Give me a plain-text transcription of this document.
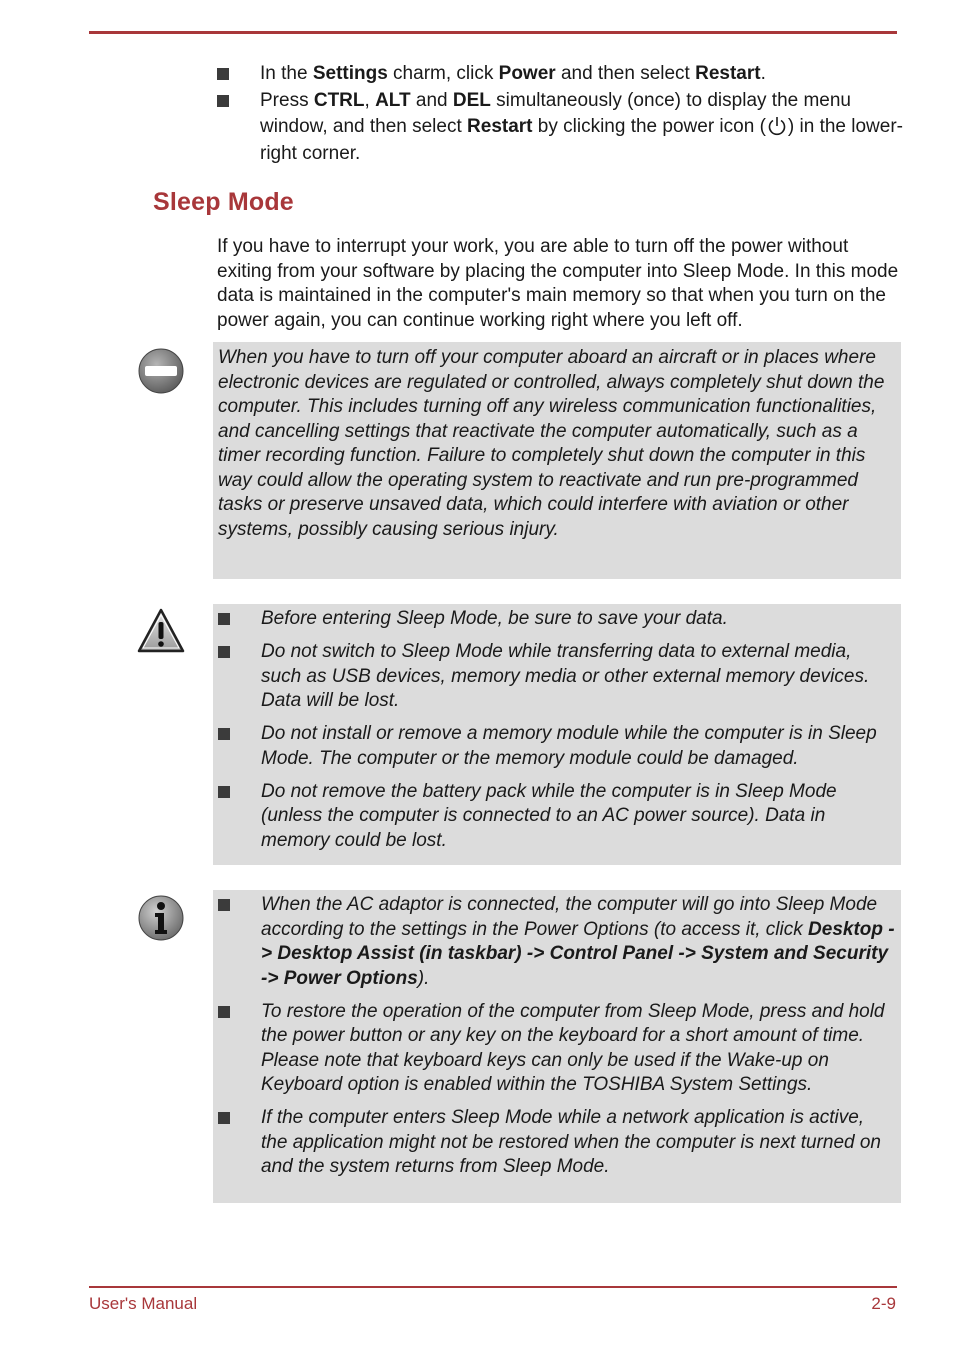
In the Settings charm, click Power and then select Restart.
Press CTRL, ALT and DEL simultaneously (once) to display the menu window, and then select Restart by clicking the power icon ( ) in the lower-right corner.
Sleep Mode

If you have to interrupt your work, you are able to turn off the power without exiting from your software by placing the computer into Sleep Mode. In this mode data is maintained in the computer's main memory so that when you turn on the power again, you can continue working right where you left off.

When you have to turn off your computer aboard an aircraft or in places where electronic devices are regulated or controlled, always completely shut down the computer. This includes turning off any wireless communication functionalities, and cancelling settings that reactivate the computer automatically, such as a timer recording function. Failure to completely shut down the computer in this way could allow the operating system to reactivate and run pre-programmed tasks or preserve unsaved data, which could interfere with aviation or other systems, possibly causing serious injury.

Before entering Sleep Mode, be sure to save your data.
Do not switch to Sleep Mode while transferring data to external media, such as USB devices, memory media or other external memory devices. Data will be lost.
Do not install or remove a memory module while the computer is in Sleep Mode. The computer or the memory module could be damaged.
Do not remove the battery pack while the computer is in Sleep Mode (unless the computer is connected to an AC power source). Data in memory could be lost.
When the AC adaptor is connected, the computer will go into Sleep Mode according to the settings in the Power Options (to access it, click Desktop -> Desktop Assist (in taskbar) -> Control Panel -> System and Security -> Power Options).
To restore the operation of the computer from Sleep Mode, press and hold the power button or any key on the keyboard for a short amount of time. Please note that keyboard keys can only be used if the Wake-up on Keyboard option is enabled within the TOSHIBA System Settings.
If the computer enters Sleep Mode while a network application is active, the application might not be restored when the computer is next turned on and the system returns from Sleep Mode.
User's Manual	2-9
